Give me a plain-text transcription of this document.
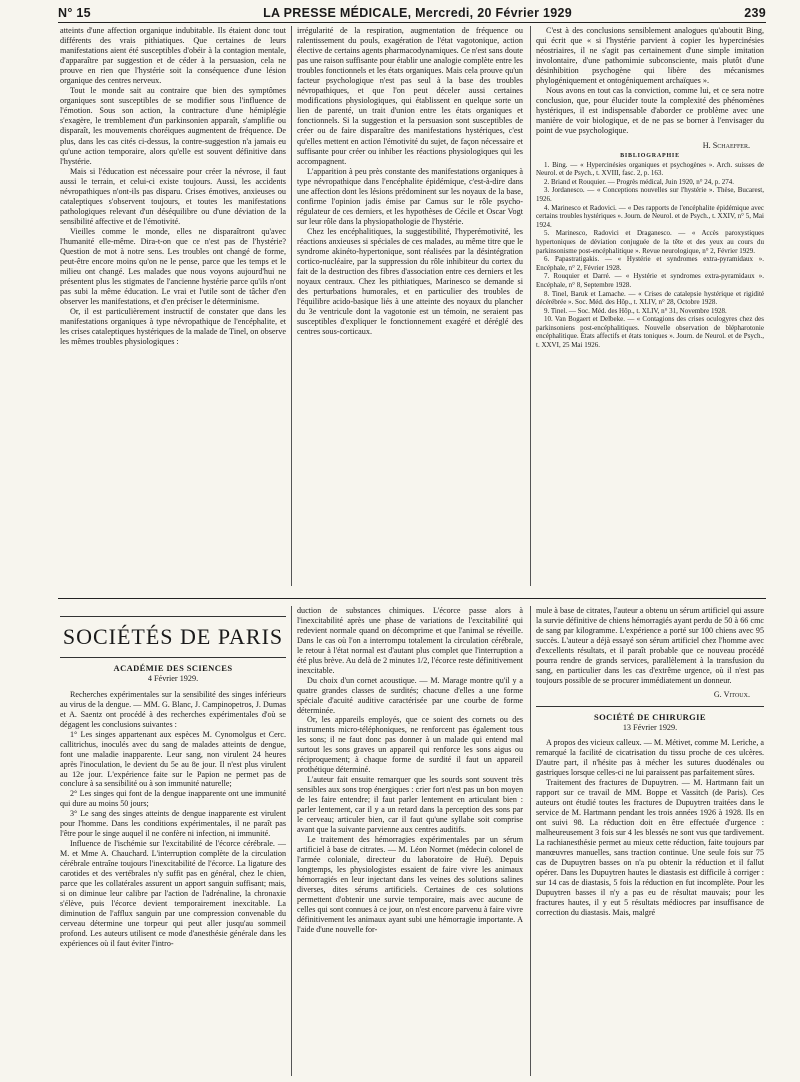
N° 15	LA PRESSE MÉDICALE, Mercredi, 20 Février 1929	239

atteints d'une affection organique indubitable. Ils étaient donc tout différents des vrais pithiatiques. Que certaines de leurs manifestations aient été susceptibles d'obéir à la contagion mentale, d'apparaître par suggestion et de céder à la persuasion, cela ne prouve en rien que l'hystérie soit la conséquence d'une lésion organique des centres nerveux.

Tout le monde sait au contraire que bien des symptômes organiques sont susceptibles de se modifier sous l'influence de l'émotion. Sous son action, la contracture d'une hémiplégie s'exagère, le tremblement d'un parkinsonien apparaît, s'amplifie ou disparaît, les mouvements choréiques augmentent de fréquence. De plus, dans les cas cités ci-dessus, la contre-suggestion n'a jamais eu qu'une action temporaire, alors qu'elle est souvent définitive dans l'hystérie.

Mais si l'éducation est nécessaire pour créer la névrose, il faut aussi le terrain, et celui-ci existe toujours. Aussi, les accidents névropathiques n'ont-ils pas disparu. Crises émotives, anxieuses ou cataleptiques s'observent toujours, et toutes les manifestations pathologiques relevant d'un déséquilibre ou d'une déviation de la sensibilité affective et de l'émotivité.

Vieilles comme le monde, elles ne disparaîtront qu'avec l'humanité elle-même. Dira-t-on que ce n'est pas de l'hystérie? Question de mot à notre sens. Les troubles ont changé de forme, peut-être encore moins qu'on ne le pense, parce que les temps et le milieu ont changé. Les malades que nous voyons aujourd'hui ne présentent plus les stigmates de l'ancienne hystérie parce qu'ils n'ont pas subi la même éducation. Le vrai et l'utile sont de tâcher d'en observer les manifestations, et d'en préciser le déterminisme.

Or, il est particulièrement instructif de constater que dans les manifestations organiques à type névropathique de l'encéphalite, et les crises cataleptiques hystériques de la malade de Tinel, on observe les mêmes troubles physiologiques :

irrégularité de la respiration, augmentation de fréquence ou ralentissement du pouls, exagération de l'état vagotonique, action élective de certains agents pharmacodynamiques. Ce n'est sans doute pas une raison suffisante pour établir une analogie complète entre les troubles fonctionnels et les états organiques. Mais cela prouve qu'un facteur psychologique n'est pas seul à la base des troubles névropathiques, et que l'on peut déceler aussi certaines modifications physiologiques, qui établissent en quelque sorte un lien de parenté, un trait d'union entre les états organiques et fonctionnels. Si la suggestion et la persuasion sont susceptibles de créer ou de faire disparaître des manifestations hystériques, c'est qu'elles mettent en action l'émotivité du sujet, de façon nécessaire et suffisante pour créer ou inhiber les réactions physiologiques qui les accompagnent.

L'apparition à peu près constante des manifestations organiques à type névropathique dans l'encéphalite épidémique, c'est-à-dire dans une affection dont les lésions prédominent sur les noyaux de la base, confirme l'opinion jadis émise par Camus sur le rôle psycho-régulateur de ces derniers, et les hypothèses de Cécile et Oscar Vogt sur leur rôle dans la physiopathologie de l'hystérie.

Chez les encéphalitiques, la suggestibilité, l'hyperémotivité, les réactions anxieuses si spéciales de ces malades, au même titre que le syndrome akinéto-hypertonique, sont réalisées par la désintégration cortico-nucléaire, par la suppression du rôle inhibiteur du cortex du fait de la destruction des fibres d'association entre ces derniers et les noyaux centraux. Chez les pithiatiques, Marinesco se demande si des perturbations humorales, et en particulier des troubles de l'équilibre acido-basique liés à une atteinte des noyaux du plancher du 3e ventricule dont la vagotonie est un témoin, ne seraient pas susceptibles d'expliquer le fonctionnement exagéré et déréglé des centres sous-corticaux.

C'est à des conclusions sensiblement analogues qu'aboutit Bing, qui écrit que « si l'hystérie parvient à copier les hypercinésies néostriaires, il ne s'agit pas certainement d'une simple imitation involontaire, d'une pathomimie subconsciente, mais plutôt d'une désinhibition psychogène qui libère des mécanismes phylogéniquement et ontogéniquement archaïques ».

Nous avons en tout cas la conviction, comme lui, et ce sera notre conclusion, que, pour élucider toute la complexité des phénomènes hystériques, il est indispensable d'aborder ce problème avec une manière de voir biologique, et de ne pas se borner à l'envisager du point de vue psychologique.

H. Schaeffer.

BIBLIOGRAPHIE

1. Bing. — « Hypercinésies organiques et psychogènes ». Arch. suisses de Neurol. et de Psych., t. XVIII, fasc. 2, p. 163.

2. Briand et Rouquier. — Progrès médical, Juin 1920, n° 24, p. 274.

3. Jordanesco. — « Conceptions nouvelles sur l'hystérie ». Thèse, Bucarest, 1926.

4. Marinesco et Radovici. — « Des rapports de l'encéphalite épidémique avec certains troubles hystériques ». Journ. de Neurol. et de Psych., t. XXIV, n° 5, Mai 1924.

5. Marinesco, Radovici et Draganesco. — « Accès paroxystiques hypertoniques de déviation conjuguée de la tête et des yeux au cours du parkinsonisme post-encéphalitique ». Revue neurologique, n° 2, Février 1929.

6. Papastratigakis. — « Hystérie et syndromes extra-pyramidaux ». Encéphale, n° 2, Février 1928.

7. Rouquier et Darré. — « Hystérie et syndromes extra-pyramidaux ». Encéphale, n° 8, Septembre 1928.

8. Tinel, Baruk et Lamache. — « Crises de catalepsie hystérique et rigidité décérébrée ». Soc. Méd. des Hôp., t. XLIV, n° 28, Octobre 1928.

9. Tinel. — Soc. Méd. des Hôp., t. XLIV, n° 31, Novembre 1928.

10. Van Bogaert et Delbeke. — « Contagions des crises oculogyres chez des parkinsoniens post-encéphalitiques. Nouvelle observation de blépharotonie encéphalitique. États affectifs et états toniques ». Journ. de Neurol. et de Psych., t. XXVI, 25 Mai 1926.

SOCIÉTÉS DE PARIS

ACADÉMIE DES SCIENCES

4 Février 1929.

Recherches expérimentales sur la sensibilité des singes inférieurs au virus de la dengue. — MM. G. Blanc, J. Campinopetros, J. Dumas et A. Saentz ont procédé à des recherches expérimentales d'où se dégagent les conclusions suivantes :

1° Les singes appartenant aux espèces M. Cynomolgus et Cerc. callitrichus, inoculés avec du sang de malades atteints de dengue, font une maladie inapparente. Leur sang, non virulent 24 heures après l'inoculation, le devient du 5e au 8e jour. Il n'est plus virulent au 12e jour. L'expérience faite sur le Papion ne permet pas de conclure à sa sensibilité ou à son immunité naturelle;

2° Les singes qui font de la dengue inapparente ont une immunité qui dure au moins 50 jours;

3° Le sang des singes atteints de dengue inapparente est virulent pour l'homme. Dans les conditions expérimentales, il ne paraît pas l'être pour le singe auquel il ne confère ni infection, ni immunité.

Influence de l'ischémie sur l'excitabilité de l'écorce cérébrale. — M. et Mme A. Chauchard. L'interruption complète de la circulation cérébrale entraîne toujours l'inexcitabilité de l'écorce. La ligature des carotides et des vertébrales n'y suffit pas en général, chez le chien, parce que les collatérales assurent un apport sanguin suffisant; mais, si on diminue leur calibre par l'action de l'adrénaline, la chronaxie s'élève, puis l'écorce devient temporairement inexcitable. La diminution de l'afflux sanguin par une compression convenable du cerveau détermine une torpeur qui peut aller jusqu'au sommeil profond. Les auteurs utilisent ce mode d'anesthésie générale dans les expériences où il faut éviter l'intro-

duction de substances chimiques. L'écorce passe alors à l'inexcitabilité après une phase de variations de l'excitabilité qui redevient normale quand on décomprime et que l'animal se réveille. Dans le cas où l'on a interrompu totalement la circulation cérébrale, le retour à l'état normal est d'autant plus complet que l'interruption a été plus brève. Au delà de 2 minutes 1/2, l'écorce reste définitivement inexcitable.

Du choix d'un cornet acoustique. — M. Marage montre qu'il y a quatre grandes classes de surdités; chacune d'elles a une forme spéciale d'acuité auditive caractérisée par une courbe de forme déterminée.

Or, les appareils employés, que ce soient des cornets ou des instruments micro-téléphoniques, ne renforcent pas également tous les sons; il ne faut donc pas donner à un malade qui entend mal surtout les sons graves un appareil qui renforce les sons aigus ou réciproquement; à chaque forme de surdité il faut un appareil prothétique déterminé.

L'auteur fait ensuite remarquer que les sourds sont souvent très sensibles aux sons trop énergiques : crier fort n'est pas un bon moyen de les faire entendre; il faut parler lentement en articulant bien : parler lentement, car il y a un retard dans la perception des sons par le cerveau; articuler bien, car il faut qu'une syllabe soit comprise avant que la suivante parvienne aux centres auditifs.

Le traitement des hémorragies expérimentales par un sérum artificiel à base de citrates. — M. Léon Normet (médecin colonel de l'armée coloniale, directeur du laboratoire de Hué). Depuis longtemps, les physiologistes essaient de faire vivre les animaux hémorragiés en leur injectant dans les veines des solutions salines diverses, dites sérums artificiels. Certaines de ces solutions permettent d'obtenir une survie temporaire, mais avec aucune de celles qui sont connues à ce jour, on n'est encore parvenu à faire vivre définitivement les animaux ayant subi une hémorragie importante. A l'aide d'une nouvelle for-

mule à base de citrates, l'auteur a obtenu un sérum artificiel qui assure la survie définitive de chiens hémorragiés ayant perdu de 50 à 66 cmc de sang par kilogramme. L'expérience a porté sur 100 chiens avec 95 succès. L'auteur a déjà essayé son sérum artificiel chez l'homme avec d'excellents résultats, et il paraît probable que ce nouveau procédé pourra rendre de grands services, parallèlement à la transfusion du sang, en particulier dans les cas d'extrême urgence, où il n'est pas toujours possible de se procurer immédiatement un donneur.

G. Vitoux.

SOCIÉTÉ DE CHIRURGIE

13 Février 1929.

A propos des vicieux calleux. — M. Métivet, comme M. Leriche, a remarqué la facilité de cicatrisation du tissu proche de ces ulcères. D'autre part, il n'hésite pas à mécher les sutures duodénales ou gastriques lorsque celles-ci ne lui paraissent pas parfaitement sûres.

Traitement des fractures de Dupuytren. — M. Hartmann fait un rapport sur ce travail de MM. Boppe et Vassitch (de Paris). Ces auteurs ont étudié toutes les fractures de Dupuytren traitées dans le service de M. Hartmann pendant les trois années 1926 à 1928. Ils en ont suivi 98. La réduction doit en être effectuée d'urgence : malheureusement 3 fois sur 4 les blessés ne sont vus que tardivement. La rachianesthésie permet au mieux cette réduction, faite toujours par manœuvres manuelles, sans traction continue. Une seule fois sur 75 cas de Dupuytren basses on n'a pu obtenir la réduction et il fallut opérer. Dans les Dupuytren hautes le diastasis est difficile à corriger : sur 14 cas de diastasis, 5 fois la réduction en fut incomplète. Pour les Dupuytren basses il n'y a pas eu de résultat mauvais; pour les fractures hautes, il y eut 5 résultats médiocres par insuffisance de correction du diastasis. Mais, malgré
